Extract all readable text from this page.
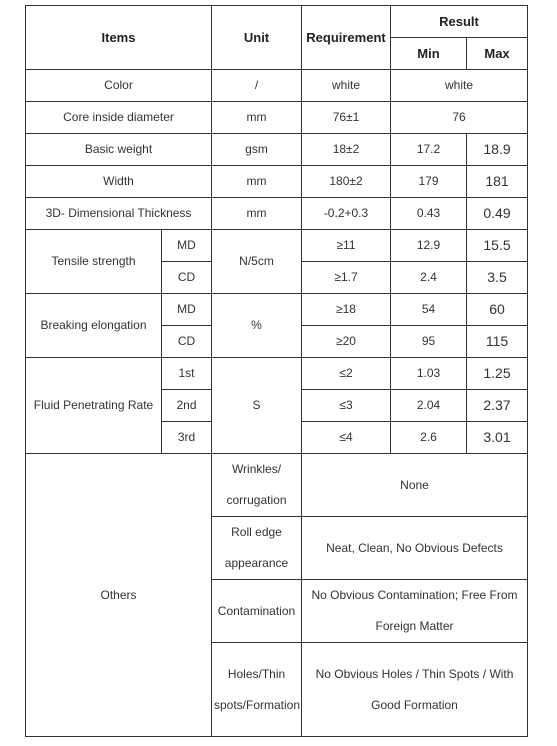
Items		Unit	Requirement	Result	
				Min	Max
Color		/	white	white	
Core inside diameter		mm	76±1	76	
Basic weight		gsm	18±2	17.2	18.9
Width		mm	180±2	179	181
3D- Dimensional Thickness		mm	-0.2+0.3	0.43	0.49
Tensile strength	MD	N/5cm	≥11	12.9	15.5
	CD		≥1.7	2.4	3.5
Breaking elongation	MD	%	≥18	54	60
	CD		≥20	95	115
Fluid Penetrating Rate	1st	S	≤2	1.03	1.25
	2nd		≤3	2.04	2.37
	3rd		≤4	2.6	3.01
Others		Wrinkles/ corrugation	None		
		Roll edge appearance	Neat, Clean, No Obvious Defects		
		Contamination	No Obvious Contamination; Free From Foreign Matter		
		Holes/Thin spots/Formation	No Obvious Holes / Thin Spots / With Good Formation		
